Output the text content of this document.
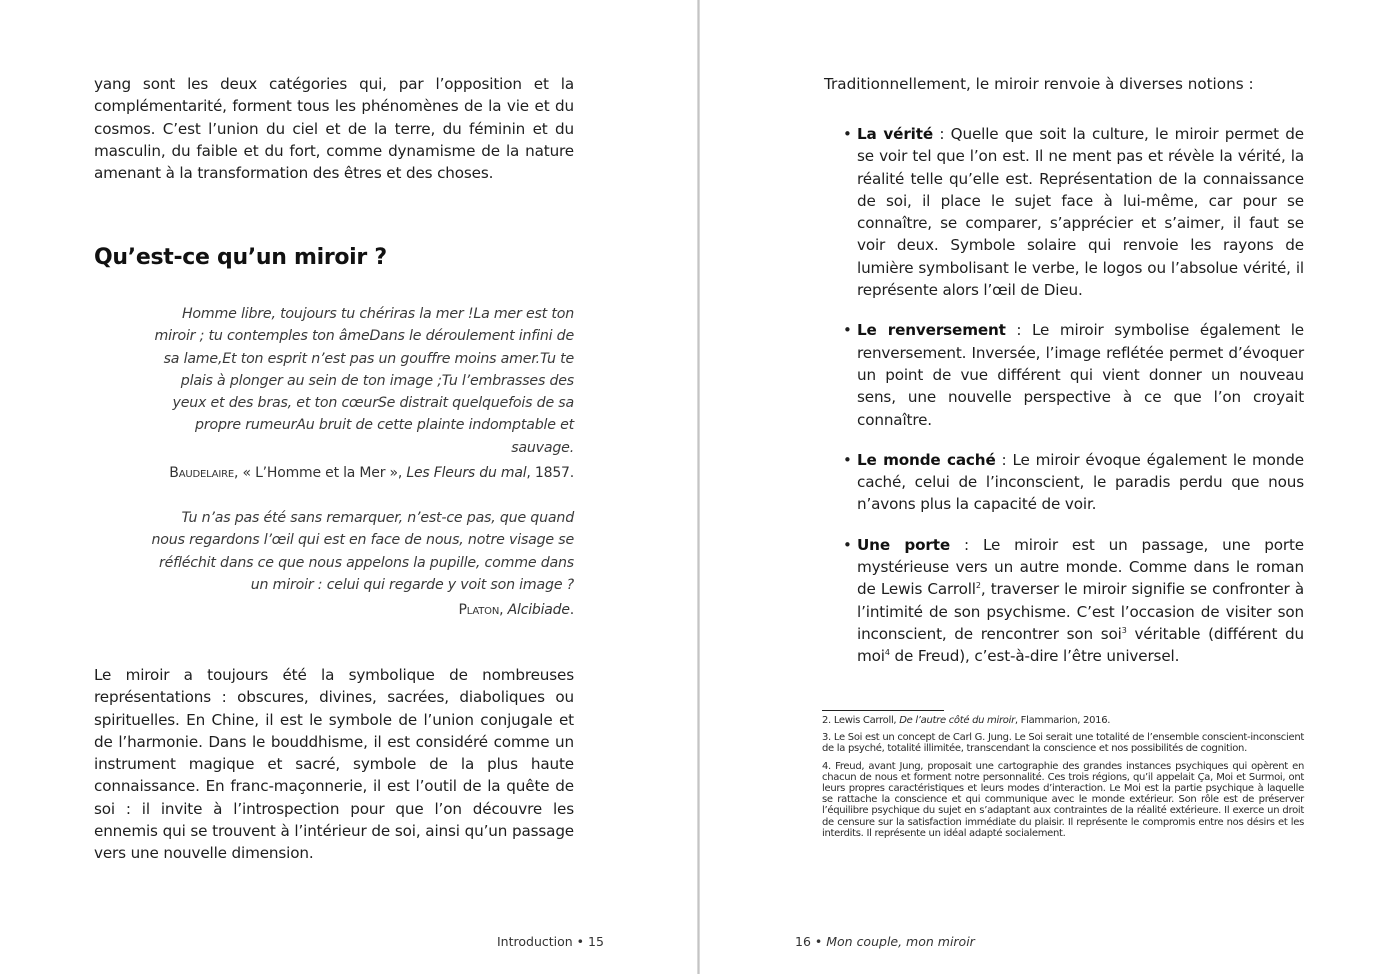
yang sont les deux catégories qui, par l’opposition et la complémentarité, forment tous les phénomènes de la vie et du cosmos. C’est l’union du ciel et de la terre, du féminin et du masculin, du faible et du fort, comme dynamisme de la nature amenant à la transformation des êtres et des choses.

Qu’est-ce qu’un miroir ?
Homme libre, toujours tu chériras la mer !La mer est ton miroir ; tu contemples ton âmeDans le déroulement infini de sa lame,Et ton esprit n’est pas un gouffre moins amer.Tu te plais à plonger au sein de ton image ;Tu l’embrasses des yeux et des bras, et ton cœurSe distrait quelquefois de sa propre rumeurAu bruit de cette plainte indomptable et sauvage.
Baudelaire, « L’Homme et la Mer », Les Fleurs du mal, 1857.
Tu n’as pas été sans remarquer, n’est-ce pas, que quand nous regardons l’œil qui est en face de nous, notre visage se réfléchit dans ce que nous appelons la pupille, comme dans un miroir : celui qui regarde y voit son image ?
Platon, Alcibiade.

Le miroir a toujours été la symbolique de nombreuses représentations : obscures, divines, sacrées, diaboliques ou spirituelles. En Chine, il est le symbole de l’union conjugale et de l’harmonie. Dans le bouddhisme, il est considéré comme un instrument magique et sacré, symbole de la plus haute connaissance. En franc-maçonnerie, il est l’outil de la quête de soi : il invite à l’introspection pour que l’on découvre les ennemis qui se trouvent à l’intérieur de soi, ainsi qu’un passage vers une nouvelle dimension.

Introduction • 15
Traditionnellement, le miroir renvoie à diverses notions :
• La vérité : Quelle que soit la culture, le miroir permet de se voir tel que l’on est. Il ne ment pas et révèle la vérité, la réalité telle qu’elle est. Représentation de la connaissance de soi, il place le sujet face à lui-même, car pour se connaître, se comparer, s’apprécier et s’aimer, il faut se voir deux. Symbole solaire qui renvoie les rayons de lumière symbolisant le verbe, le logos ou l’absolue vérité, il représente alors l’œil de Dieu.
• Le renversement : Le miroir symbolise également le renversement. Inversée, l’image reflétée permet d’évoquer un point de vue différent qui vient donner un nouveau sens, une nouvelle perspective à ce que l’on croyait connaître.
• Le monde caché : Le miroir évoque également le monde caché, celui de l’inconscient, le paradis perdu que nous n’avons plus la capacité de voir.
• Une porte : Le miroir est un passage, une porte mystérieuse vers un autre monde. Comme dans le roman de Lewis Carroll$^2$, traverser le miroir signifie se confronter à l’intimité de son psychisme. C’est l’occasion de visiter son inconscient, de rencontrer son soi$^3$ véritable (différent du moi$^4$ de Freud), c’est-à-dire l’être universel.

2. Lewis Carroll, De l’autre côté du miroir, Flammarion, 2016.

3. Le Soi est un concept de Carl G. Jung. Le Soi serait une totalité de l’ensemble conscient-inconscient de la psyché, totalité illimitée, transcendant la conscience et nos possibilités de cognition.

4. Freud, avant Jung, proposait une cartographie des grandes instances psychiques qui opèrent en chacun de nous et forment notre personnalité. Ces trois régions, qu’il appelait Ça, Moi et Surmoi, ont leurs propres caractéristiques et leurs modes d’interaction. Le Moi est la partie psychique à laquelle se rattache la conscience et qui communique avec le monde extérieur. Son rôle est de préserver l’équilibre psychique du sujet en s’adaptant aux contraintes de la réalité extérieure. Il exerce un droit de censure sur la satisfaction immédiate du plaisir. Il représente le compromis entre nos désirs et les interdits. Il représente un idéal adapté socialement.

16 • Mon couple, mon miroir
